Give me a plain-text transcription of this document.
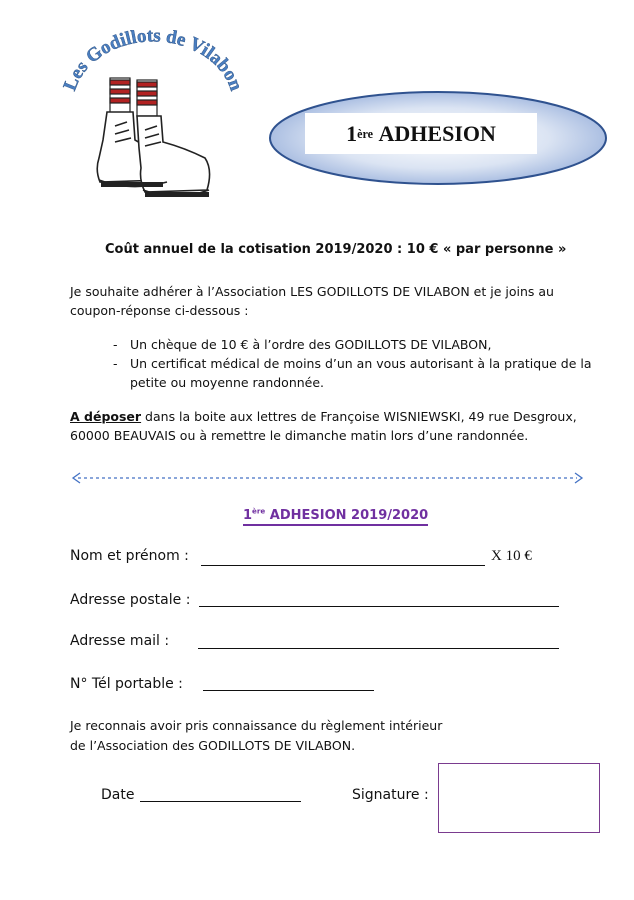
Les Godillots de Vilabon
1 ère
ADHESION
Coût annuel de la cotisation 2019/2020 : 10 € « par personne »
Je souhaite adhérer à l’Association LES GODILLOTS DE VILABON et je joins au coupon-réponse ci-dessous :
- Un chèque de 10 € à l’ordre des GODILLOTS DE VILABON,
- Un certificat médical de moins d’un an vous autorisant à la pratique de la petite ou moyenne randonnée.
A déposer dans la boite aux lettres de Françoise WISNIEWSKI, 49 rue Desgroux, 60000 BEAUVAIS ou à remettre le dimanche matin lors d’une randonnée.
1ère ADHESION 2019/2020
Nom et prénom :	X 10 €
Adresse postale :
Adresse mail :
N° Tél portable :
Je reconnais avoir pris connaissance du règlement intérieur
de l’Association des GODILLOTS DE VILABON.
Date	Signature :
